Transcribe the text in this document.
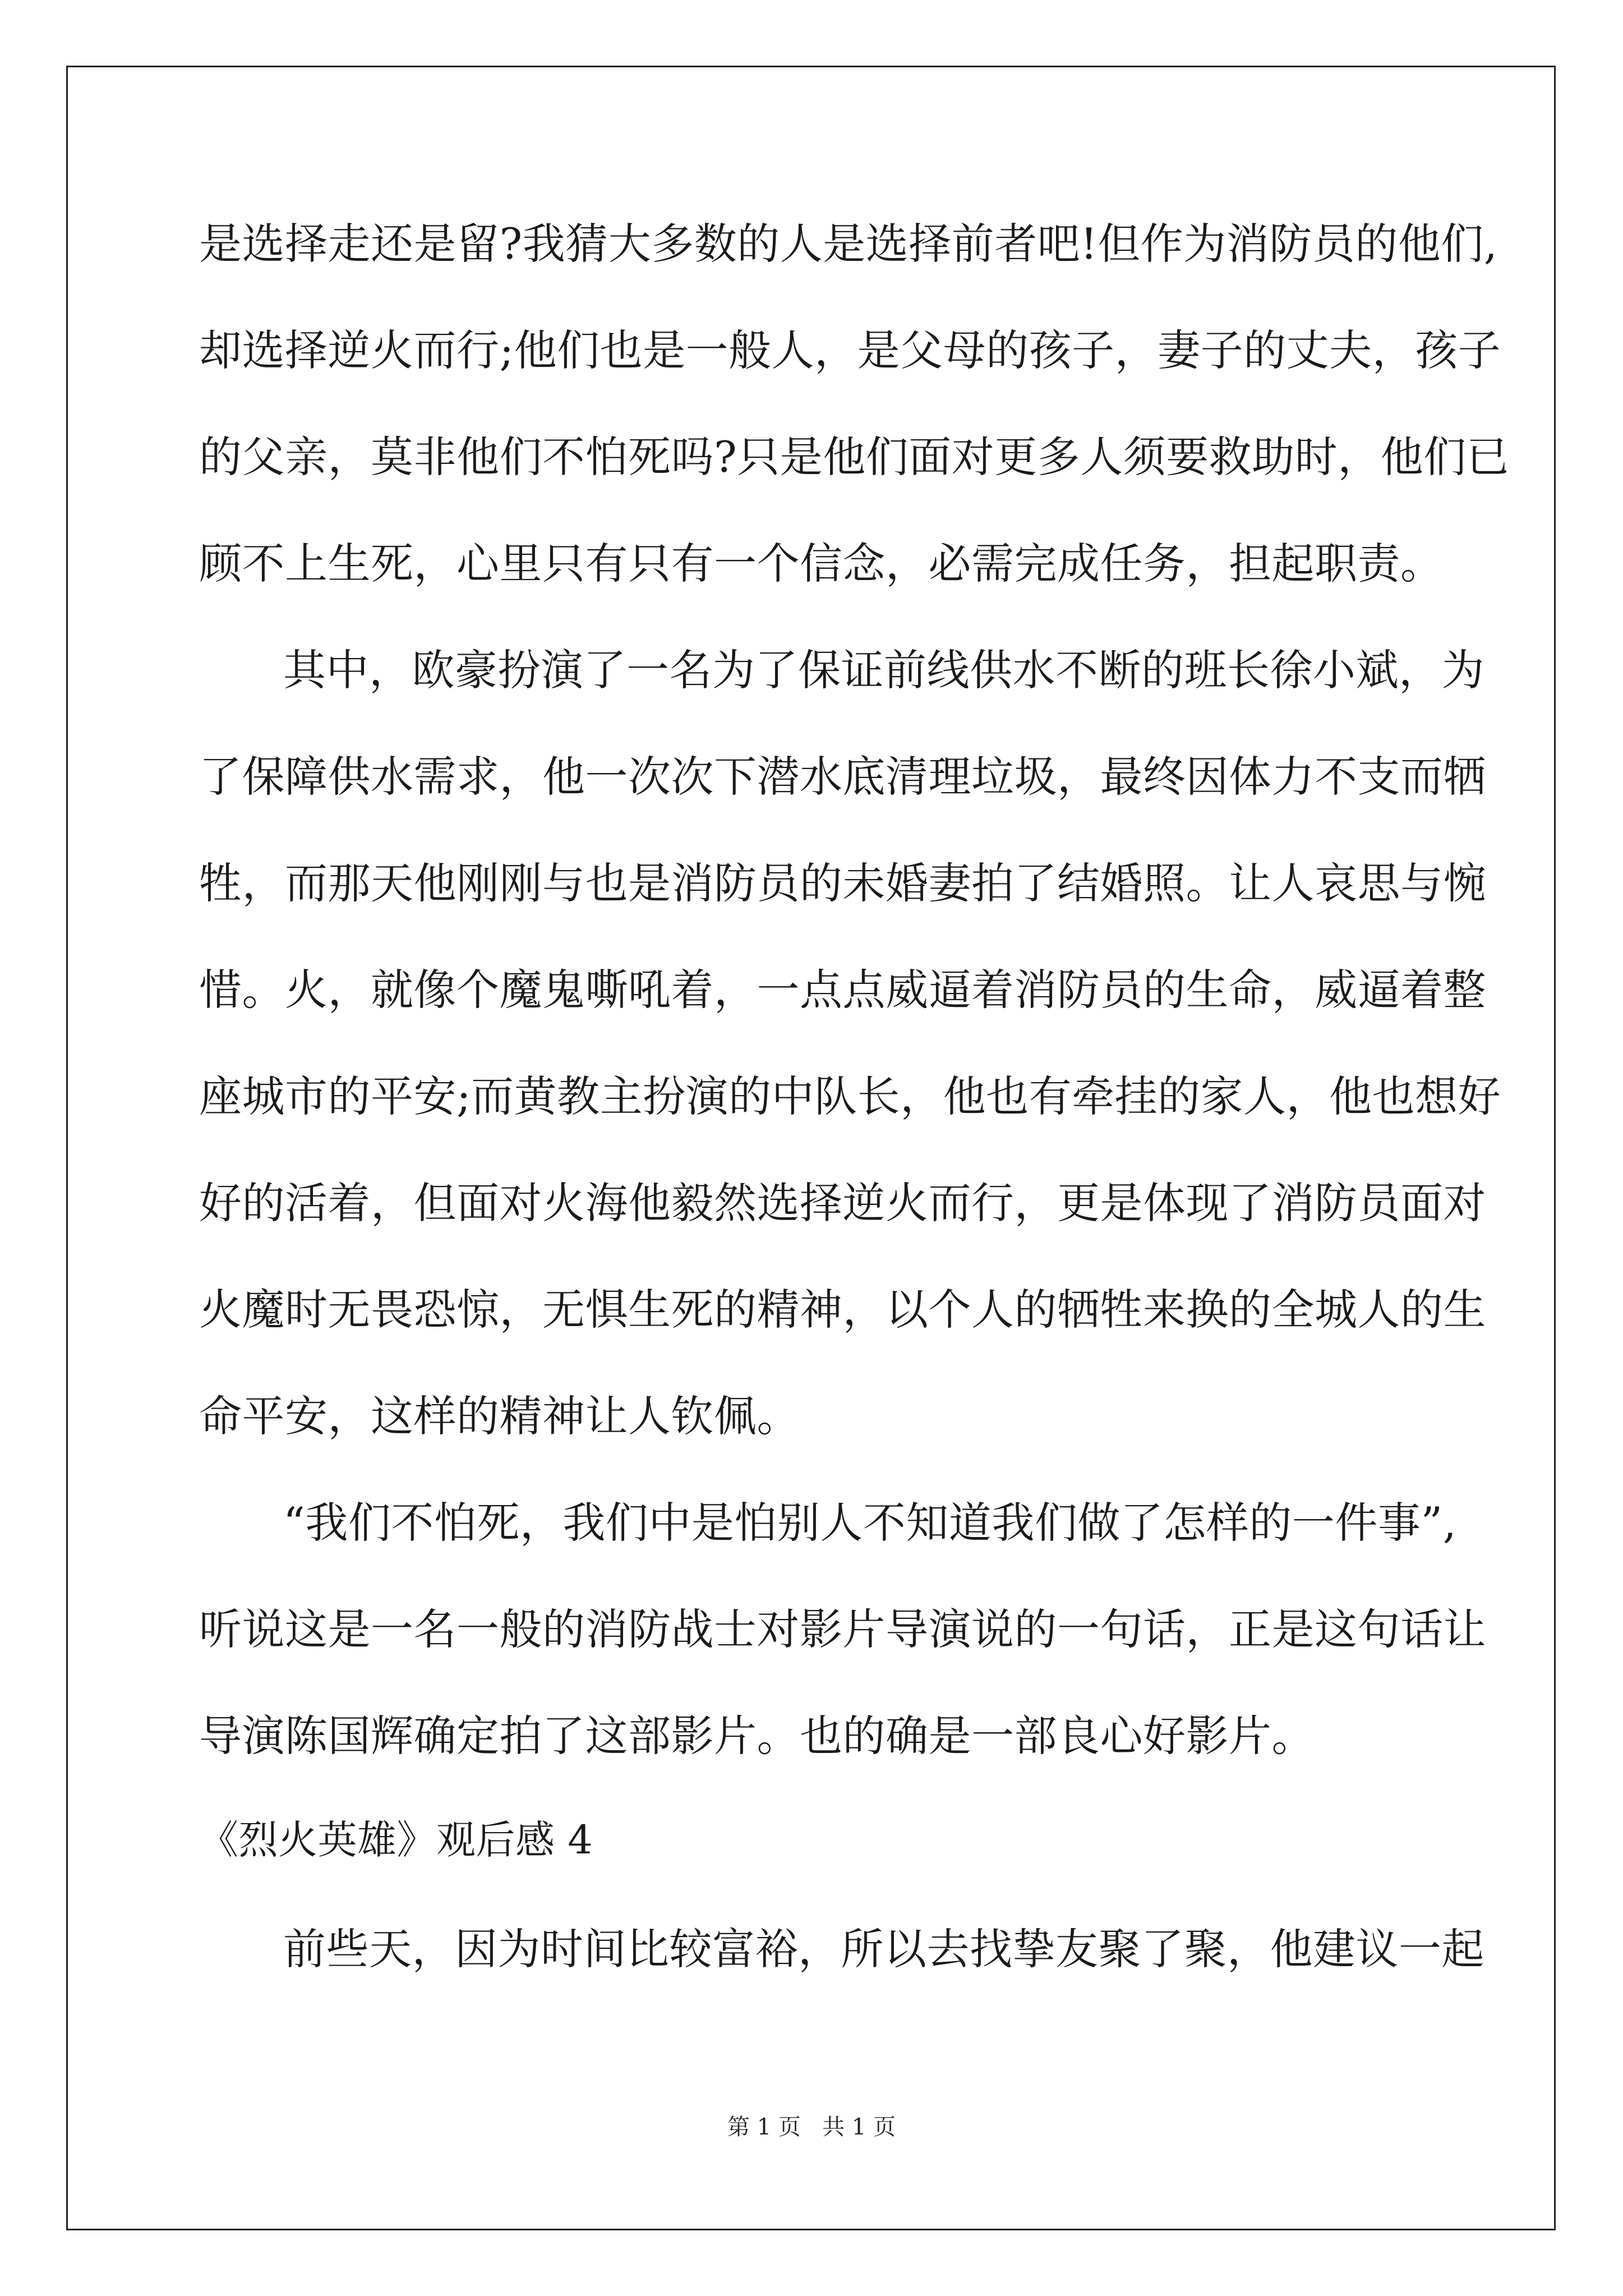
是选择走还是留?我猜大多数的人是选择前者吧!但作为消防员的他们,
却选择逆火而行;他们也是一般人，是父母的孩子，妻子的丈夫，孩子
的父亲，莫非他们不怕死吗?只是他们面对更多人须要救助时，他们已
顾不上生死，心里只有只有一个信念，必需完成任务，担起职责。
其中，欧豪扮演了一名为了保证前线供水不断的班长徐小斌，为
了保障供水需求，他一次次下潜水底清理垃圾，最终因体力不支而牺
牲，而那天他刚刚与也是消防员的未婚妻拍了结婚照。让人哀思与惋
惜。火，就像个魔鬼嘶吼着，一点点威逼着消防员的生命，威逼着整
座城市的平安;而黄教主扮演的中队长，他也有牵挂的家人，他也想好
好的活着，但面对火海他毅然选择逆火而行，更是体现了消防员面对
火魔时无畏恐惊，无惧生死的精神，以个人的牺牲来换的全城人的生
命平安，这样的精神让人钦佩。
“我们不怕死，我们中是怕别人不知道我们做了怎样的一件事”,
听说这是一名一般的消防战士对影片导演说的一句话，正是这句话让
导演陈国辉确定拍了这部影片。也的确是一部良心好影片。
《烈火英雄》观后感 4
前些天，因为时间比较富裕，所以去找挚友聚了聚，他建议一起
第 1 页   共 1 页
